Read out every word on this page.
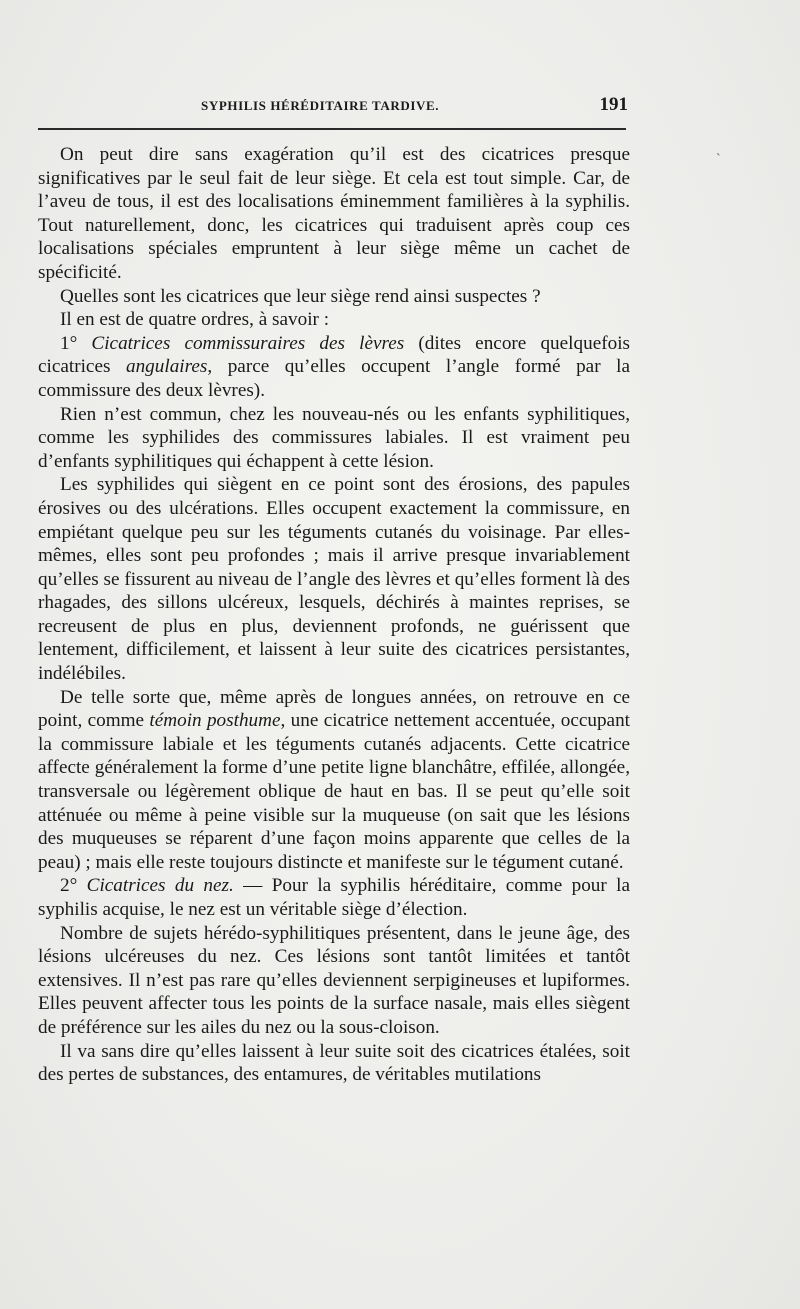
SYPHILIS HÉRÉDITAIRE TARDIVE.	191

On peut dire sans exagération qu’il est des cicatrices presque significatives par le seul fait de leur siège. Et cela est tout simple. Car, de l’aveu de tous, il est des localisations éminemment familières à la syphilis. Tout naturellement, donc, les cicatrices qui traduisent après coup ces localisations spéciales empruntent à leur siège même un cachet de spécificité.

Quelles sont les cicatrices que leur siège rend ainsi suspectes ?

Il en est de quatre ordres, à savoir :

1° Cicatrices commissuraires des lèvres (dites encore quelquefois cicatrices angulaires, parce qu’elles occupent l’angle formé par la commissure des deux lèvres).

Rien n’est commun, chez les nouveau-nés ou les enfants syphilitiques, comme les syphilides des commissures labiales. Il est vraiment peu d’enfants syphilitiques qui échappent à cette lésion.

Les syphilides qui siègent en ce point sont des érosions, des papules érosives ou des ulcérations. Elles occupent exactement la commissure, en empiétant quelque peu sur les téguments cutanés du voisinage. Par elles-mêmes, elles sont peu profondes ; mais il arrive presque invariablement qu’elles se fissurent au niveau de l’angle des lèvres et qu’elles forment là des rhagades, des sillons ulcéreux, lesquels, déchirés à maintes reprises, se recreusent de plus en plus, deviennent profonds, ne guérissent que lentement, difficilement, et laissent à leur suite des cicatrices persistantes, indélébiles.

De telle sorte que, même après de longues années, on retrouve en ce point, comme témoin posthume, une cicatrice nettement accentuée, occupant la commissure labiale et les téguments cutanés adjacents. Cette cicatrice affecte généralement la forme d’une petite ligne blanchâtre, effilée, allongée, transversale ou légèrement oblique de haut en bas. Il se peut qu’elle soit atténuée ou même à peine visible sur la muqueuse (on sait que les lésions des muqueuses se réparent d’une façon moins apparente que celles de la peau) ; mais elle reste toujours distincte et manifeste sur le tégument cutané.

2° Cicatrices du nez. — Pour la syphilis héréditaire, comme pour la syphilis acquise, le nez est un véritable siège d’élection.

Nombre de sujets hérédo-syphilitiques présentent, dans le jeune âge, des lésions ulcéreuses du nez. Ces lésions sont tantôt limitées et tantôt extensives. Il n’est pas rare qu’elles deviennent serpigineuses et lupiformes. Elles peuvent affecter tous les points de la surface nasale, mais elles siègent de préférence sur les ailes du nez ou la sous-cloison.

Il va sans dire qu’elles laissent à leur suite soit des cicatrices étalées, soit des pertes de substances, des entamures, de véritables mutilations

`
